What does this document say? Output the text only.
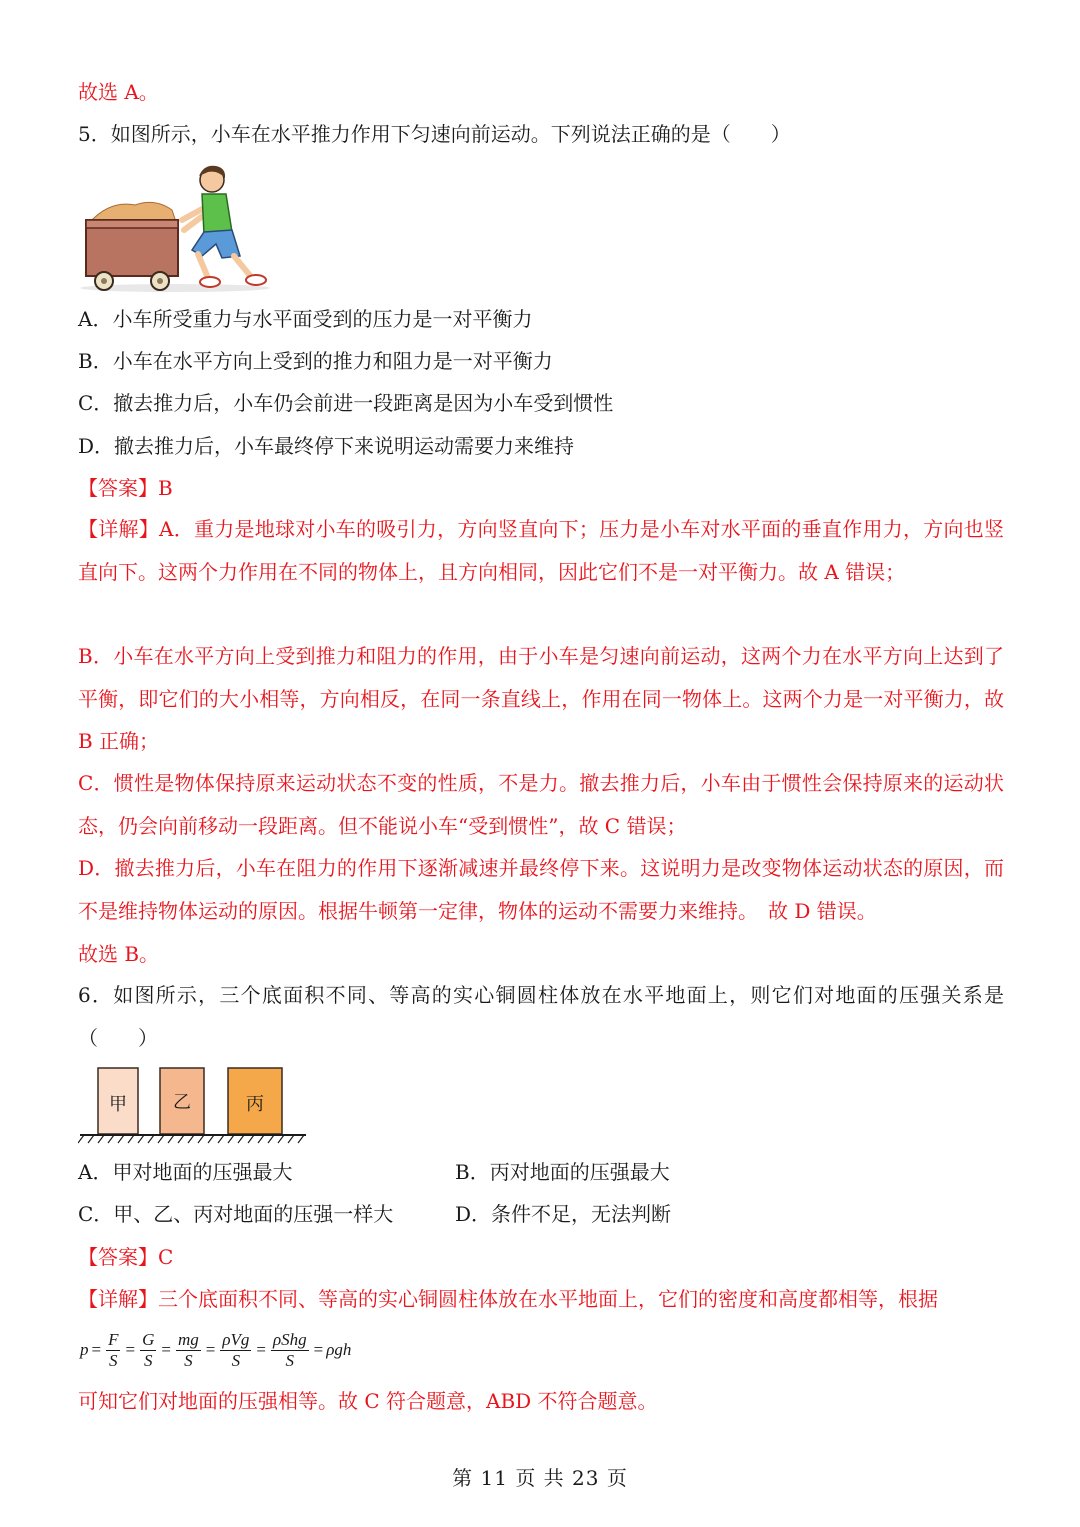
故选 A。
5．如图所示，小车在水平推力作用下匀速向前运动。下列说法正确的是（　　）
A．小车所受重力与水平面受到的压力是一对平衡力
B．小车在水平方向上受到的推力和阻力是一对平衡力
C．撤去推力后，小车仍会前进一段距离是因为小车受到惯性
D．撤去推力后，小车最终停下来说明运动需要力来维持
【答案】B
【详解】A．重力是地球对小车的吸引力，方向竖直向下；压力是小车对水平面的垂直作用力，方向也竖直向下。这两个力作用在不同的物体上，且方向相同，因此它们不是一对平衡力。故 A 错误；
B．小车在水平方向上受到推力和阻力的作用，由于小车是匀速向前运动，这两个力在水平方向上达到了平衡，即它们的大小相等，方向相反，在同一条直线上，作用在同一物体上。这两个力是一对平衡力，故 B 正确；
C．惯性是物体保持原来运动状态不变的性质，不是力。撤去推力后，小车由于惯性会保持原来的运动状态，仍会向前移动一段距离。但不能说小车“受到惯性”，故 C 错误；
D．撤去推力后，小车在阻力的作用下逐渐减速并最终停下来。这说明力是改变物体运动状态的原因，而不是维持物体运动的原因。根据牛顿第一定律，物体的运动不需要力来维持。　故 D 错误。
故选 B。
6．如图所示，三个底面积不同、等高的实心铜圆柱体放在水平地面上，则它们对地面的压强关系是（　　）
甲	乙	丙
A．甲对地面的压强最大	B．丙对地面的压强最大
C．甲、乙、丙对地面的压强一样大	D．条件不足，无法判断
【答案】C
【详解】三个底面积不同、等高的实心铜圆柱体放在水平地面上，它们的密度和高度都相等，根据
$p = \frac{F}{S} = \frac{G}{S} = \frac{mg}{S} = \frac{\text{ρVg}}{S} = \frac{\text{ρShg}}{S} = \rho gh$
可知它们对地面的压强相等。故 C 符合题意，ABD 不符合题意。
第 11 页 共 23 页
